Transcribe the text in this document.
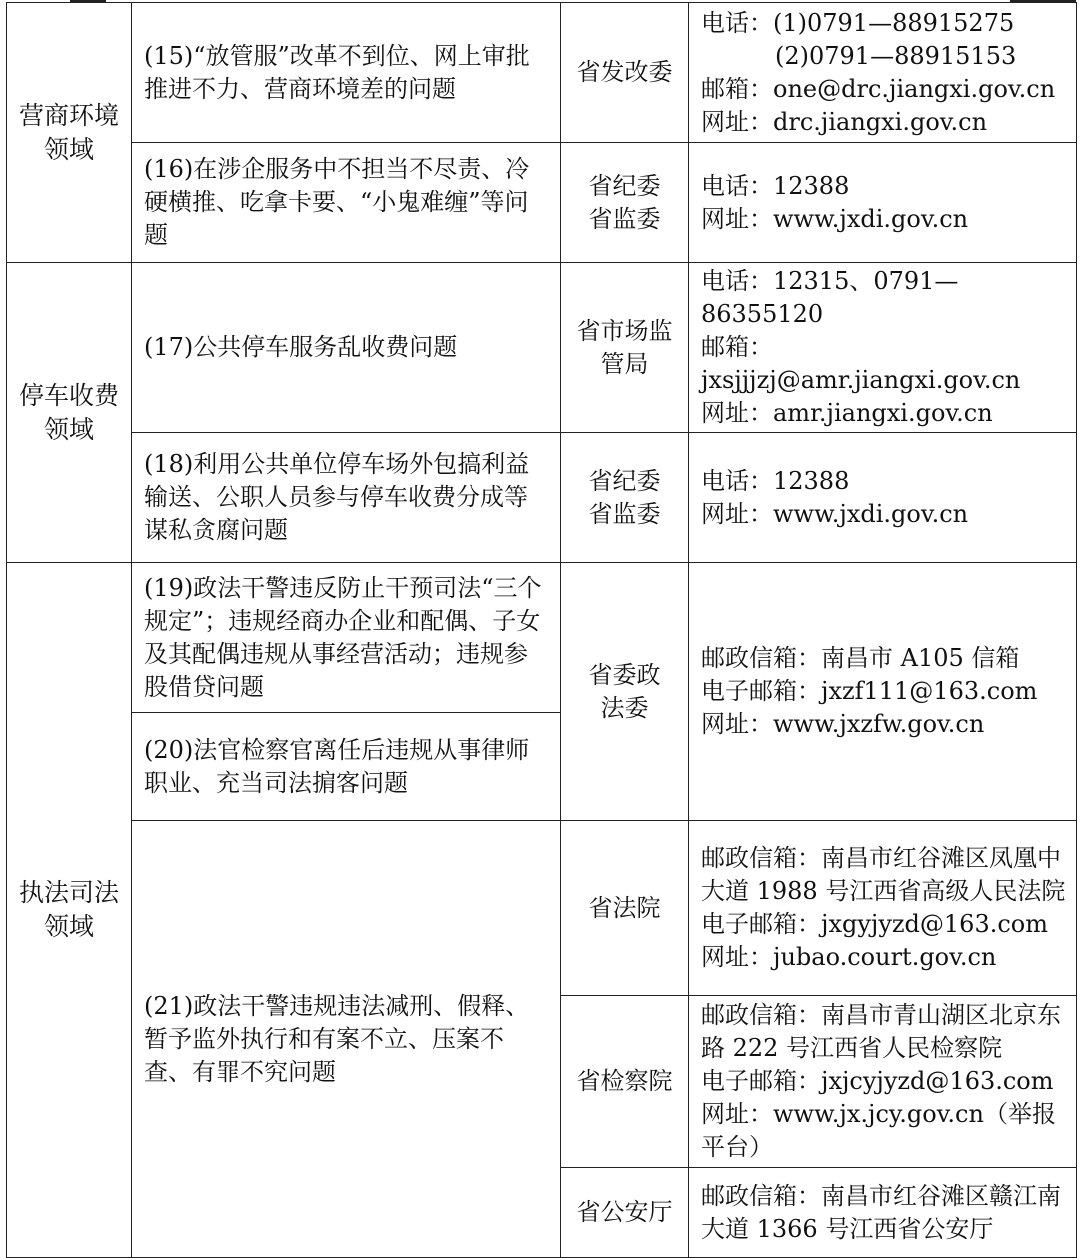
营商环境
领域	(15)“放管服”改革不到位、网上审批推进不力、营商环境差的问题	省发改委	电话：(1)0791—88915275
(2)0791—88915153
邮箱：one@drc.jiangxi.gov.cn
网址：drc.jiangxi.gov.cn

	(16)在涉企服务中不担当不尽责、冷硬横推、吃拿卡要、“小鬼难缠”等问题	省纪委
省监委	电话：12388
网址：www.jxdi.gov.cn

停车收费
领域	(17)公共停车服务乱收费问题	省市场监
管局	电话：12315、0791—86355120
邮箱：
jxsjjjzj@amr.jiangxi.gov.cn
网址：amr.jiangxi.gov.cn

	(18)利用公共单位停车场外包搞利益输送、公职人员参与停车收费分成等谋私贪腐问题	省纪委
省监委	电话：12388
网址：www.jxdi.gov.cn

执法司法
领域	(19)政法干警违反防止干预司法“三个规定”；违规经商办企业和配偶、子女及其配偶违规从事经营活动；违规参股借贷问题	省委政
法委	邮政信箱：南昌市 A105 信箱
电子邮箱：jxzf111@163.com
网址：www.jxzfw.gov.cn

	(20)法官检察官离任后违规从事律师职业、充当司法掮客问题		
	(21)政法干警违规违法减刑、假释、暂予监外执行和有案不立、压案不查、有罪不究问题	省法院	邮政信箱：南昌市红谷滩区凤凰中大道 1988 号江西省高级人民法院
电子邮箱：jxgyjyzd@163.com
网址：jubao.court.gov.cn

		省检察院	邮政信箱：南昌市青山湖区北京东路 222 号江西省人民检察院
电子邮箱：jxjcyjyzd@163.com
网址：www.jx.jcy.gov.cn（举报平台）

		省公安厅	邮政信箱：南昌市红谷滩区赣江南大道 1366 号江西省公安厅
